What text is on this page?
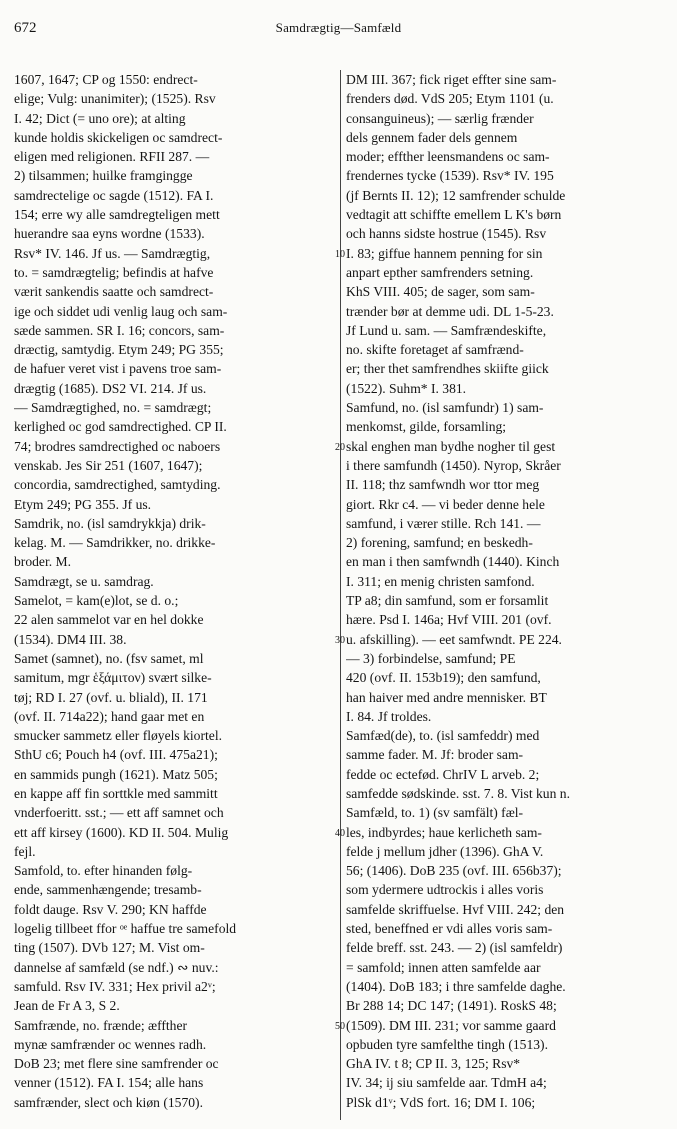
672	Samdrægtig—Samfæld
1607, 1647; CP og 1550: endrect-
elige; Vulg: unanimiter); (1525). Rsv
I. 42; Dict (= uno ore); at alting
kunde holdis skickeligen oc samdrect-
eligen med religionen. RFII 287. —
2) tilsammen; huilke framgingge
samdrectelige oc sagde (1512). FA I.
154; erre wy alle samdregteligen mett
huerandre saa eyns wordne (1533).
Rsv* IV. 146. Jf us. — Samdrægtig,
to. = samdrægtelig; befindis at hafve
værit sankendis saatte och samdrect-
ige och siddet udi venlig laug och sam-
sæde sammen. SR I. 16; concors, sam-
dræctig, samtydig. Etym 249; PG 355;
de hafuer veret vist i pavens troe sam-
drægtig (1685). DS2 VI. 214. Jf us.
— Samdrægtighed, no. = samdrægt;
kerlighed oc god samdrectighed. CP II.
74; brodres samdrectighed oc naboers
venskab. Jes Sir 251 (1607, 1647);
concordia, samdrectighed, samtyding.
Etym 249; PG 355. Jf us.
Samdrik, no. (isl samdrykkja) drik-
kelag. M. — Samdrikker, no. drikke-
broder. M.
Samdrægt, se u. samdrag.
Samelot, = kam(e)lot, se d. o.;
22 alen sammelot var en hel dokke
(1534). DM4 III. 38.
Samet (samnet), no. (fsv samet, ml
samitum, mgr ἑξάμιτον) svært silke-
tøj; RD I. 27 (ovf. u. bliald), II. 171
(ovf. II. 714a22); hand gaar met en
smucker sammetz eller fløyels kiortel.
SthU c6; Pouch h4 (ovf. III. 475a21);
en sammids pungh (1621). Matz 505;
en kappe aff fin sorttkle med sammitt
vnderfoeritt. sst.; — ett aff samnet och
ett aff kirsey (1600). KD II. 504. Mulig
fejl.
Samfold, to. efter hinanden følg-
ende, sammenhængende; tresamb-
foldt dauge. Rsv V. 290; KN haffde
logelig tillbeet ffor ᵒᵉ haffue tre samefold
ting (1507). DVb 127; M. Vist om-
dannelse af samfæld (se ndf.) ∾ nuv.:
samfuld. Rsv IV. 331; Hex privil a2ᵛ;
Jean de Fr A 3, S 2.
Samfrænde, no. frænde; æffther
mynæ samfrænder oc wennes radh.
DoB 23; met flere sine samfrender oc
venner (1512). FA I. 154; alle hans
samfrænder, slect och kiøn (1570).
DM III. 367; fick riget effter sine sam-
frenders død. VdS 205; Etym 1101 (u.
consanguineus); — særlig frænder
dels gennem fader dels gennem
moder; effther leensmandens oc sam-
frendernes tycke (1539). Rsv* IV. 195
(jf Bernts II. 12); 12 samfrender schulde
vedtagit att schiffte emellem L K's børn
och hanns sidste hostrue (1545). Rsv
I. 83; giffue hannem penning for sin
anpart epther samfrenders setning.
KhS VIII. 405; de sager, som sam-
trænder bør at demme udi. DL 1-5-23.
Jf Lund u. sam. — Samfrændeskifte,
no. skifte foretaget af samfrænd-
er; ther thet samfrendhes skiifte giick
(1522). Suhm* I. 381.
Samfund, no. (isl samfundr) 1) sam-
menkomst, gilde, forsamling;
skal enghen man bydhe nogher til gest
i there samfundh (1450). Nyrop, Skråer
II. 118; thz samfwndh wor ttor meg
giort. Rkr c4. — vi beder denne hele
samfund, i værer stille. Rch 141. —
2) forening, samfund; en beskedh-
en man i then samfwndh (1440). Kinch
I. 311; en menig christen samfond.
TP a8; din samfund, som er forsamlit
hære. Psd I. 146a; Hvf VIII. 201 (ovf.
u. afskilling). — eet samfwndt. PE 224.
— 3) forbindelse, samfund; PE
420 (ovf. II. 153b19); den samfund,
han haiver med andre mennisker. BT
I. 84. Jf troldes.
Samfæd(de), to. (isl samfeddr) med
samme fader. M. Jf: broder sam-
fedde oc ectefød. ChrIV L arveb. 2;
samfedde sødskinde. sst. 7. 8. Vist kun n.
Samfæld, to. 1) (sv samfält) fæl-
les, indbyrdes; haue kerlicheth sam-
felde j mellum jdher (1396). GhA V.
56; (1406). DoB 235 (ovf. III. 656b37);
som ydermere udtrockis i alles voris
samfelde skriffuelse. Hvf VIII. 242; den
sted, beneffned er vdi alles voris sam-
felde breff. sst. 243. — 2) (isl samfeldr)
= samfold; innen atten samfelde aar
(1404). DoB 183; i thre samfelde daghe.
Br 288 14; DC 147; (1491). RoskS 48;
(1509). DM III. 231; vor samme gaard
opbuden tyre samfelthe tingh (1513).
GhA IV. t 8; CP II. 3, 125; Rsv*
IV. 34; ij siu samfelde aar. TdmH a4;
PlSk d1ᵛ; VdS fort. 16; DM I. 106;
10
20
30
40
50
